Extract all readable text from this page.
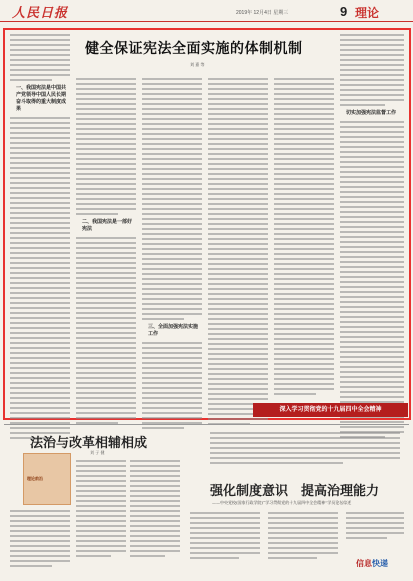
人民日报	2019年 12月4日 星期三	9 理论
健全保证宪法全面实施的体制机制
刘 嘉 等
一、我国宪法是中国共产党领导中国人民长期奋斗取得的重大制度成果
二、我国宪法是一部好宪法
三、全面加强宪法实施工作
切实加强宪法监督工作
深入学习贯彻党的十九届四中全会精神
法治与改革相辅相成
刘 子 健
理论前沿
强化制度意识　提高治理能力
——中央党校(国家行政学院)“学习贯彻党的十九届四中全会精神”学员论坛综述
信息快递
